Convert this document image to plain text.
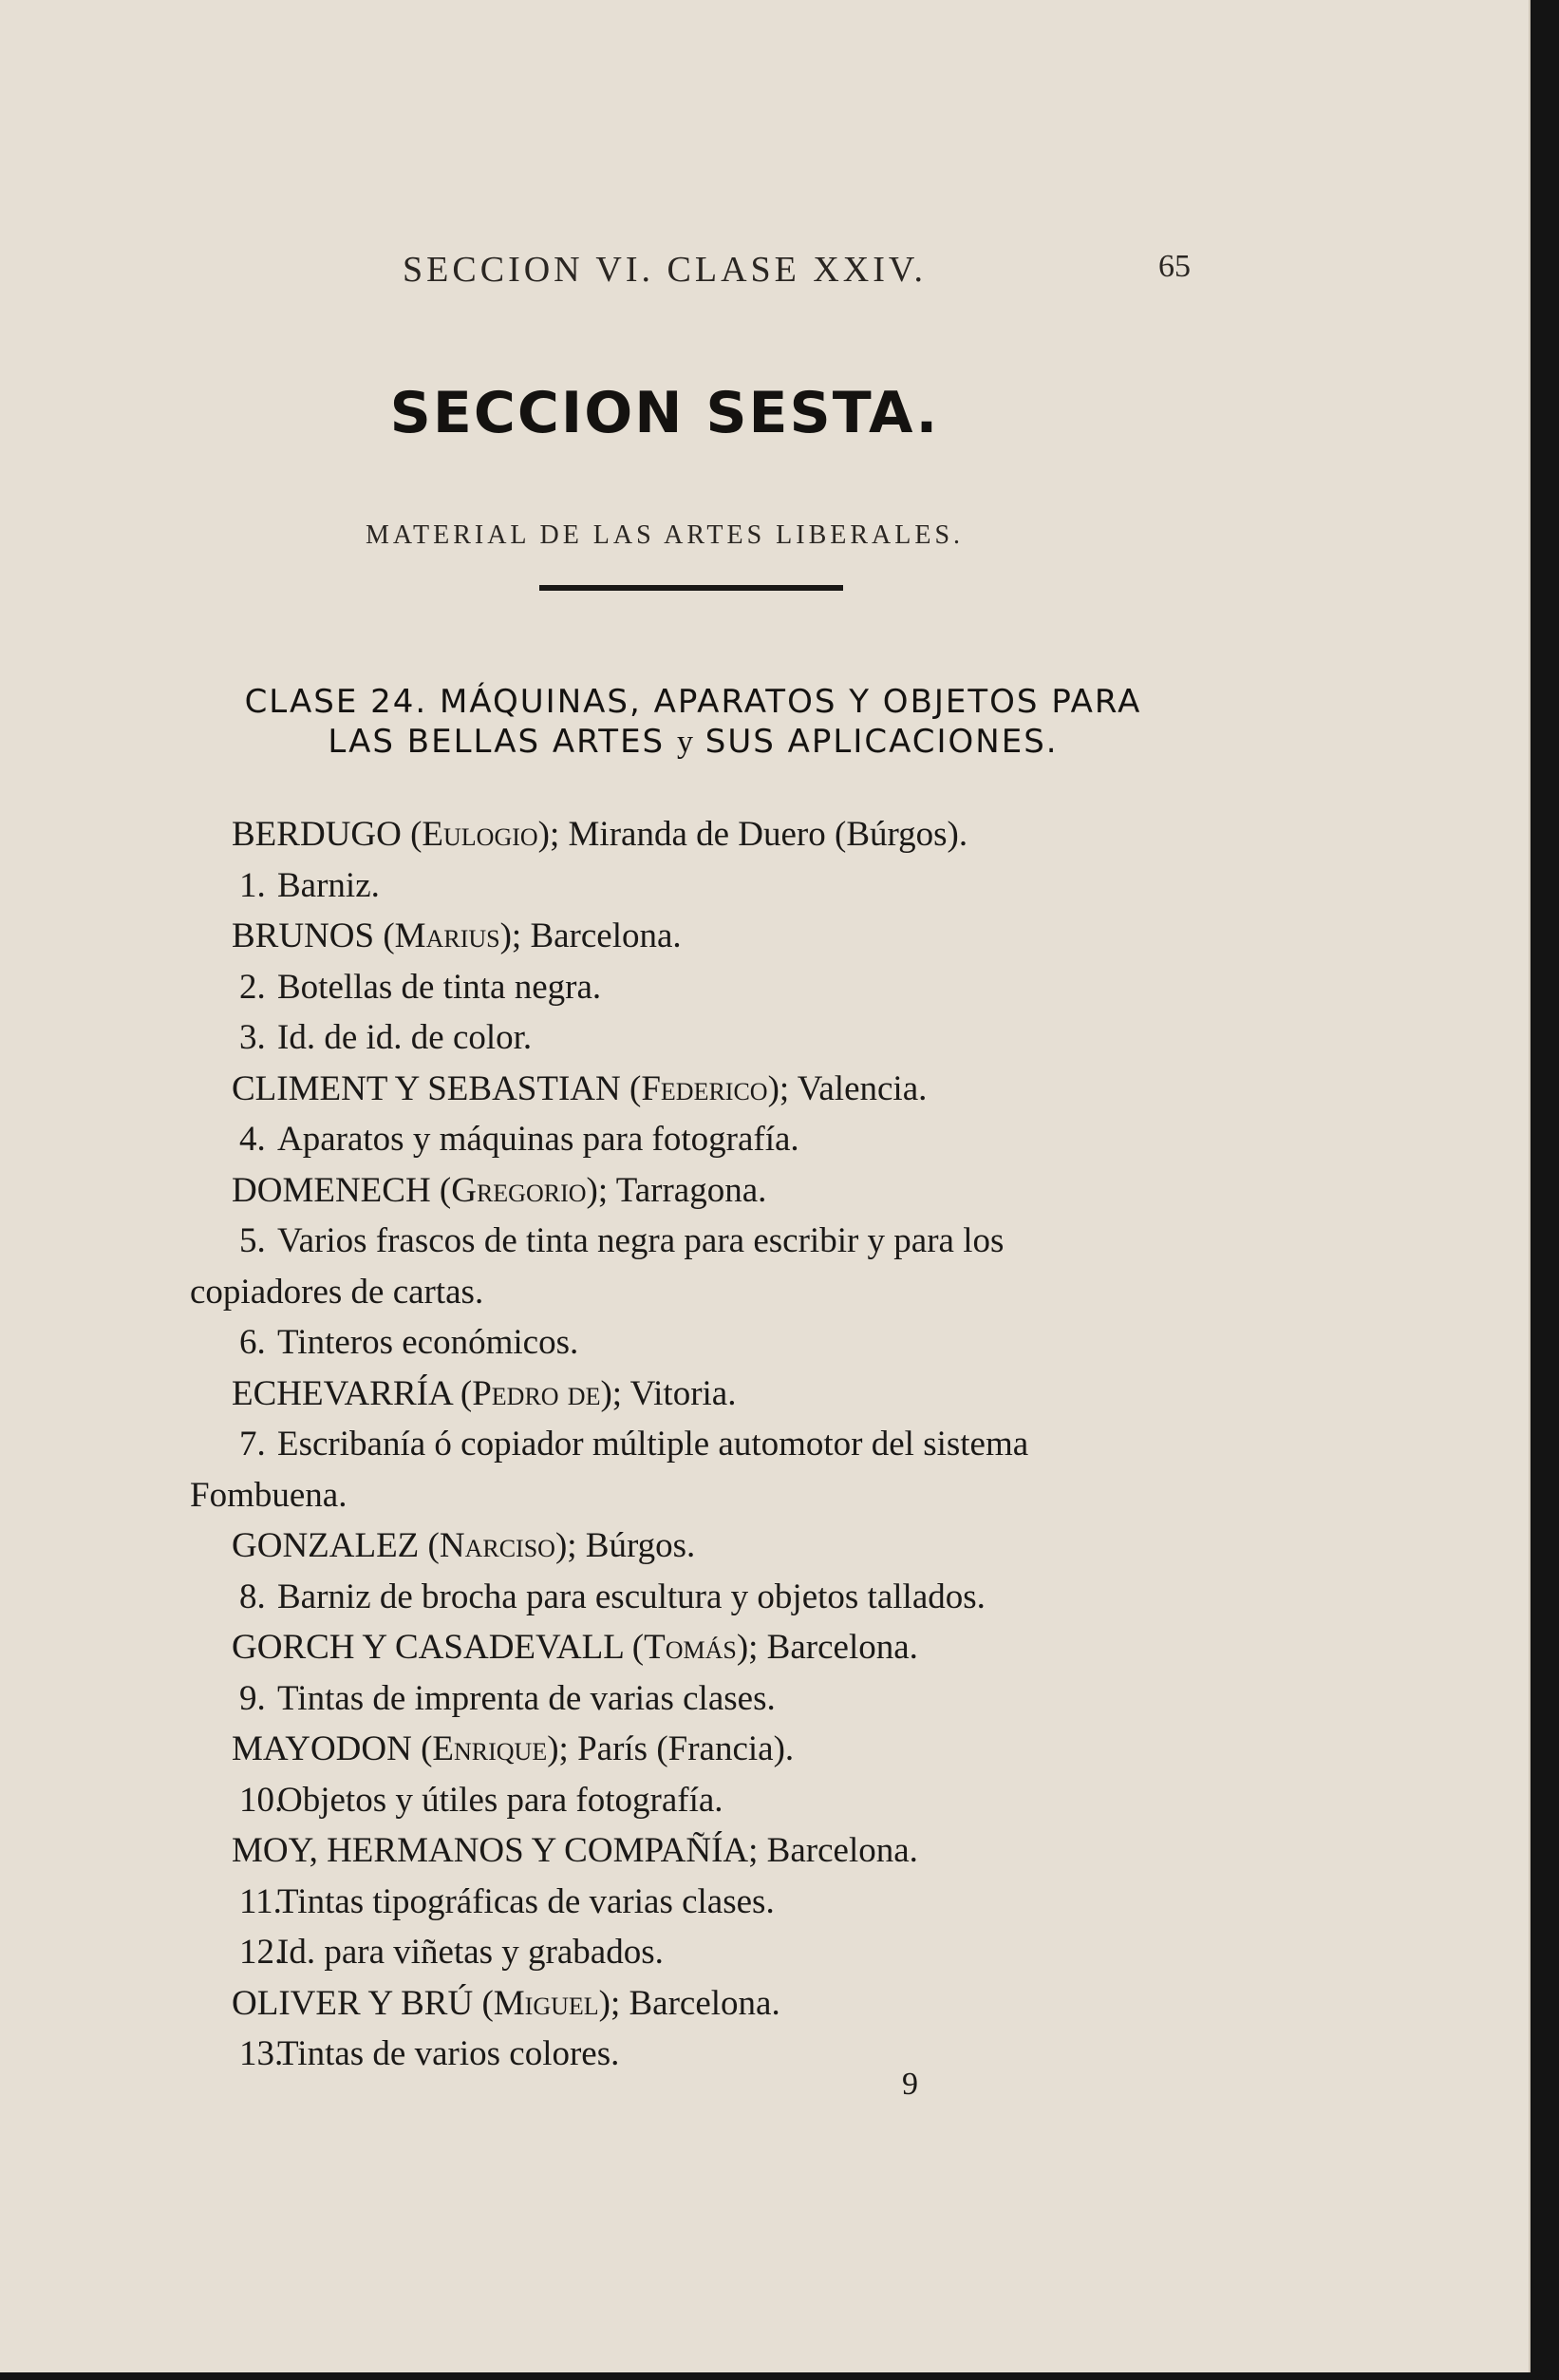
SECCION VI. CLASE XXIV.	65
SECCION SESTA.
MATERIAL DE LAS ARTES LIBERALES.
CLASE 24. MÁQUINAS, APARATOS Y OBJETOS PARA
LAS BELLAS ARTES y SUS APLICACIONES.
BERDUGO (Eulogio); Miranda de Duero (Búrgos).
1. Barniz.
BRUNOS (Marius); Barcelona.
2. Botellas de tinta negra.
3. Id. de id. de color.
CLIMENT Y SEBASTIAN (Federico); Valencia.
4. Aparatos y máquinas para fotografía.
DOMENECH (Gregorio); Tarragona.
5. Varios frascos de tinta negra para escribir y para los
copiadores de cartas.
6. Tinteros económicos.
ECHEVARRÍA (Pedro de); Vitoria.
7. Escribanía ó copiador múltiple automotor del sistema
Fombuena.
GONZALEZ (Narciso); Búrgos.
8. Barniz de brocha para escultura y objetos tallados.
GORCH Y CASADEVALL (Tomás); Barcelona.
9. Tintas de imprenta de varias clases.
MAYODON (Enrique); París (Francia).
10.Objetos y útiles para fotografía.
MOY, HERMANOS Y COMPAÑÍA; Barcelona.
11.Tintas tipográficas de varias clases.
12.Id. para viñetas y grabados.
OLIVER Y BRÚ (Miguel); Barcelona.
13.Tintas de varios colores.
9
